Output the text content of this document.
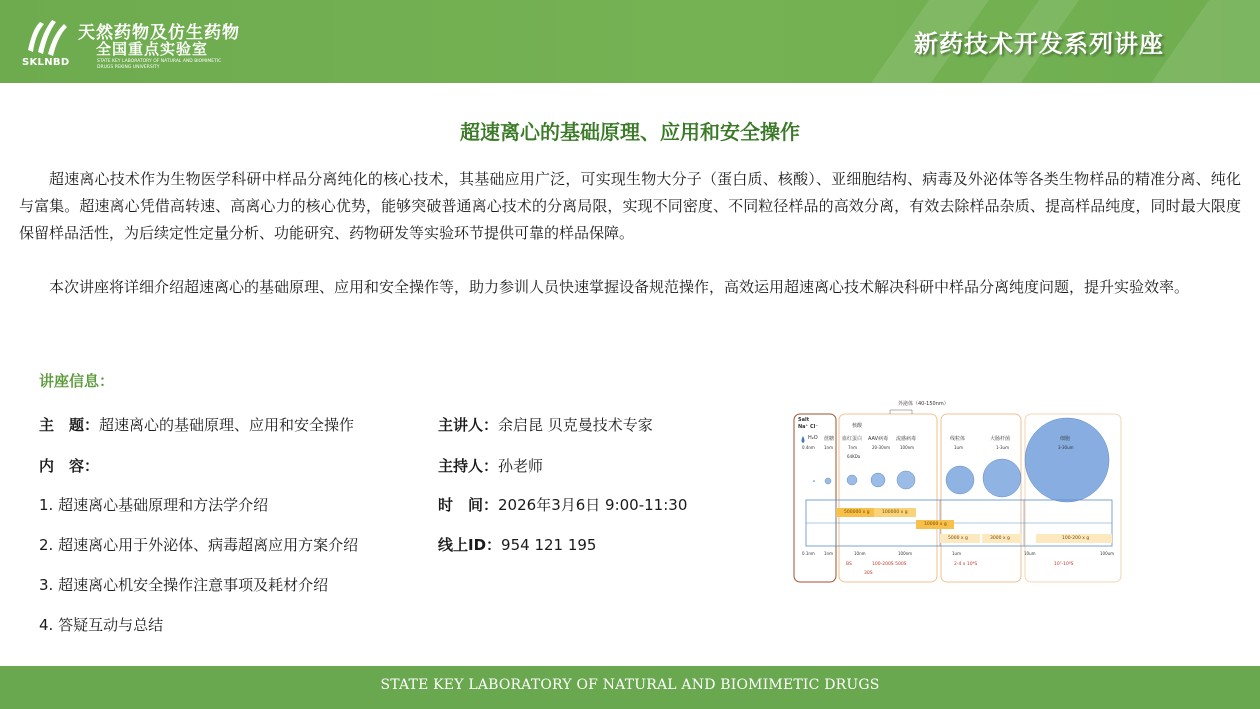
SKLNBD
天然药物及仿生药物
全国重点实验室
STATE KEY LABORATORY OF NATURAL AND BIOMIMETIC
DRUGS PEKING UNIVERSITY
新药技术开发系列讲座
超速离心的基础原理、应用和安全操作

超速离心技术作为生物医学科研中样品分离纯化的核心技术，其基础应用广泛，可实现生物大分子（蛋白质、核酸）、亚细胞结构、病毒及外泌体等各类生物样品的精准分离、纯化与富集。超速离心凭借高转速、高离心力的核心优势，能够突破普通离心技术的分离局限，实现不同密度、不同粒径样品的高效分离，有效去除样品杂质、提高样品纯度，同时最大限度保留样品活性，为后续定性定量分析、功能研究、药物研发等实验环节提供可靠的样品保障。

本次讲座将详细介绍超速离心的基础原理、应用和安全操作等，助力参训人员快速掌握设备规范操作，高效运用超速离心技术解决科研中样品分离纯度问题，提升实验效率。

讲座信息：
主　题：超速离心的基础原理、应用和安全操作
内　容：
1. 超速离心基础原理和方法学介绍
2. 超速离心用于外泌体、病毒超离应用方案介绍
3. 超速离心机安全操作注意事项及耗材介绍
4. 答疑互动与总结
主讲人：余启昆 贝克曼技术专家
主持人：孙老师
时　间：2026年3月6日 9:00-11:30
线上ID：954 121 195
外泌体（40-150nm）
Salt
Na⁺ Cl⁻
H₂O 蔗糖
0.4nm 1nm
核酸
血红蛋白 AAV病毒 流感病毒
7nm	20-30nm 100nm
64KDa
线粒体	大肠杆菌	细胞
1um	1-3um	3-30um
500000 x g	100000 x g
10000 x g
5000 x g	3000 x g	100-200 x g
0.1nm 1nm	10nm	100nm	1um	10um	100um
BS	100-200S 500S
30S
2-4 x 10⁴S	10⁷-10⁸S
STATE KEY LABORATORY OF NATURAL AND BIOMIMETIC DRUGS
